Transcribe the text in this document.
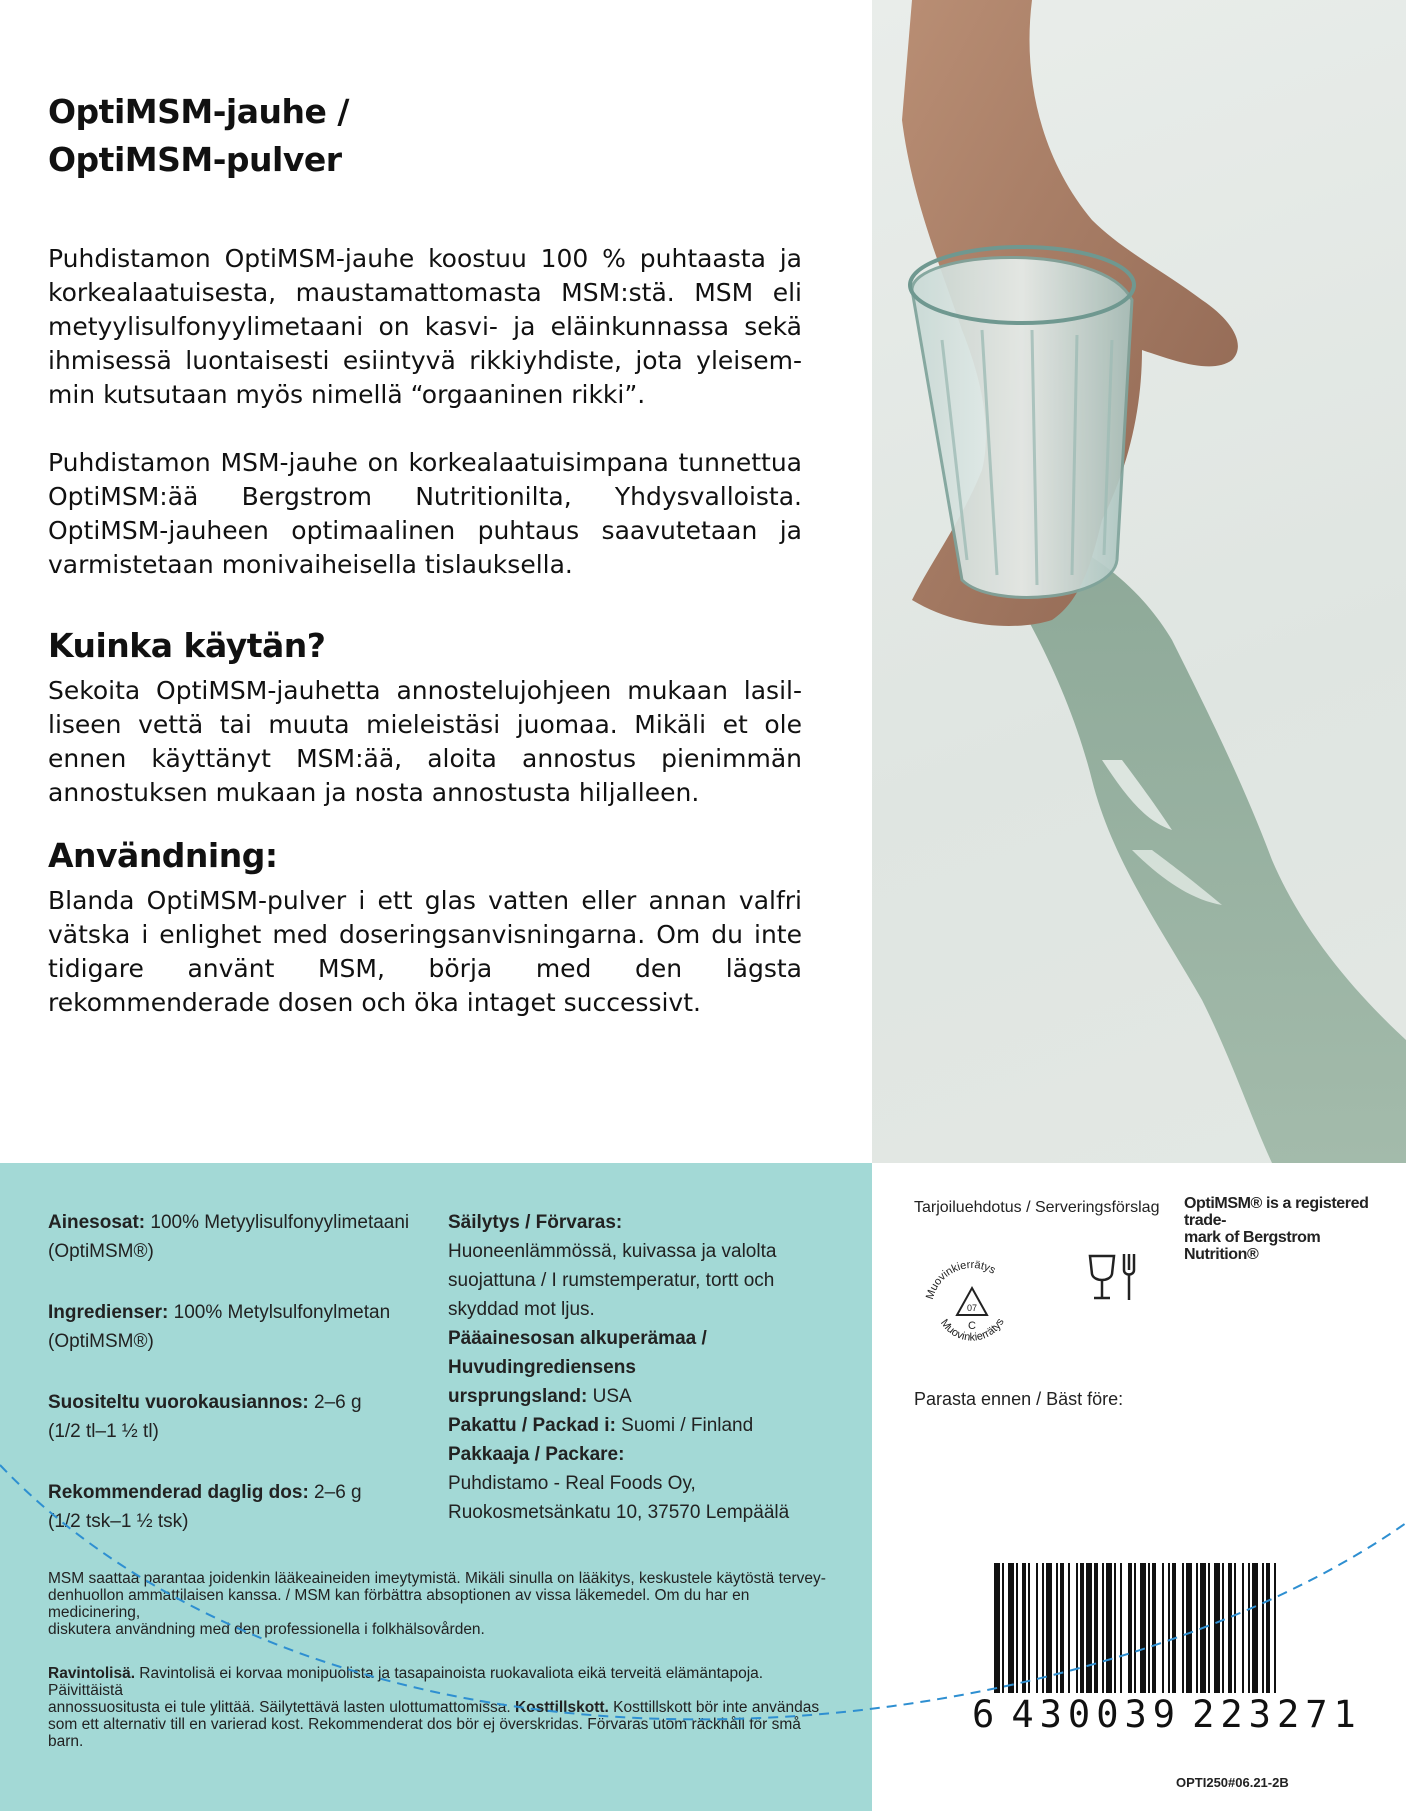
OptiMSM-jauhe /
OptiMSM-pulver

Puhdistamon OptiMSM-jauhe koostuu 100 % puhtaasta ja korkealaatuisesta, maustamattomasta MSM:stä. MSM eli metyylisulfonyylimetaani on kasvi- ja eläinkunnassa sekä ihmisessä luontaisesti esiintyvä rikkiyhdiste, jota yleisem-min kutsutaan myös nimellä “orgaaninen rikki”.

Puhdistamon MSM-jauhe on korkealaatuisimpana tunnettua OptiMSM:ää Bergstrom Nutritionilta, Yhdysvalloista. OptiMSM-jauheen optimaalinen puhtaus saavutetaan ja varmistetaan monivaiheisella tislauksella.

Kuinka käytän?

Sekoita OptiMSM-jauhetta annostelujohjeen mukaan lasil-liseen vettä tai muuta mieleistäsi juomaa. Mikäli et ole ennen käyttänyt MSM:ää, aloita annostus pienimmän annostuksen mukaan ja nosta annostusta hiljalleen.

Användning:

Blanda OptiMSM-pulver i ett glas vatten eller annan valfri vätska i enlighet med doseringsanvisningarna. Om du inte tidigare använt MSM, börja med den lägsta rekommenderade dosen och öka intaget successivt.

Ainesosat: 100% Metyylisulfonyylimetaani
(OptiMSM®)
Ingredienser: 100% Metylsulfonylmetan
(OptiMSM®)
Suositeltu vuorokausiannos: 2–6 g
(1/2 tl–1 ½ tl)
Rekommenderad daglig dos: 2–6 g
(1/2 tsk–1 ½ tsk)
Säilytys / Förvaras:
Huoneenlämmössä, kuivassa ja valolta
suojattuna / I rumstemperatur, tortt och
skyddad mot ljus.
Pääainesosan alkuperämaa /
Huvudingrediensens
ursprungsland: USA
Pakattu / Packad i: Suomi / Finland
Pakkaaja / Packare:
Puhdistamo - Real Foods Oy,
Ruokosmetsänkatu 10, 37570 Lempäälä
MSM saattaa parantaa joidenkin lääkeaineiden imeytymistä. Mikäli sinulla on lääkitys, keskustele käytöstä tervey-
denhuollon ammattilaisen kanssa. / MSM kan förbättra absoptionen av vissa läkemedel. Om du har en medicinering,
diskutera användning med den professionella i folkhälsovården.
Ravintolisä. Ravintolisä ei korvaa monipuolista ja tasapainoista ruokavaliota eikä terveitä elämäntapoja. Päivittäistä
annossuositusta ei tule ylittää. Säilytettävä lasten ulottumattomissa. Kosttillskott. Kosttillskott bör inte användas
som ett alternativ till en varierad kost. Rekommenderat dos bör ej överskridas. Förvaras utom räckhåll för små barn.
Tarjoiluehdotus / Serveringsförslag OptiMSM® is a registered trade-
mark of Bergstrom Nutrition®
Muovinkierrätys
Muovinkierrätys
07
C
Parasta ennen / Bäst före:
6 430039 223271
OPTI250#06.21-2B
